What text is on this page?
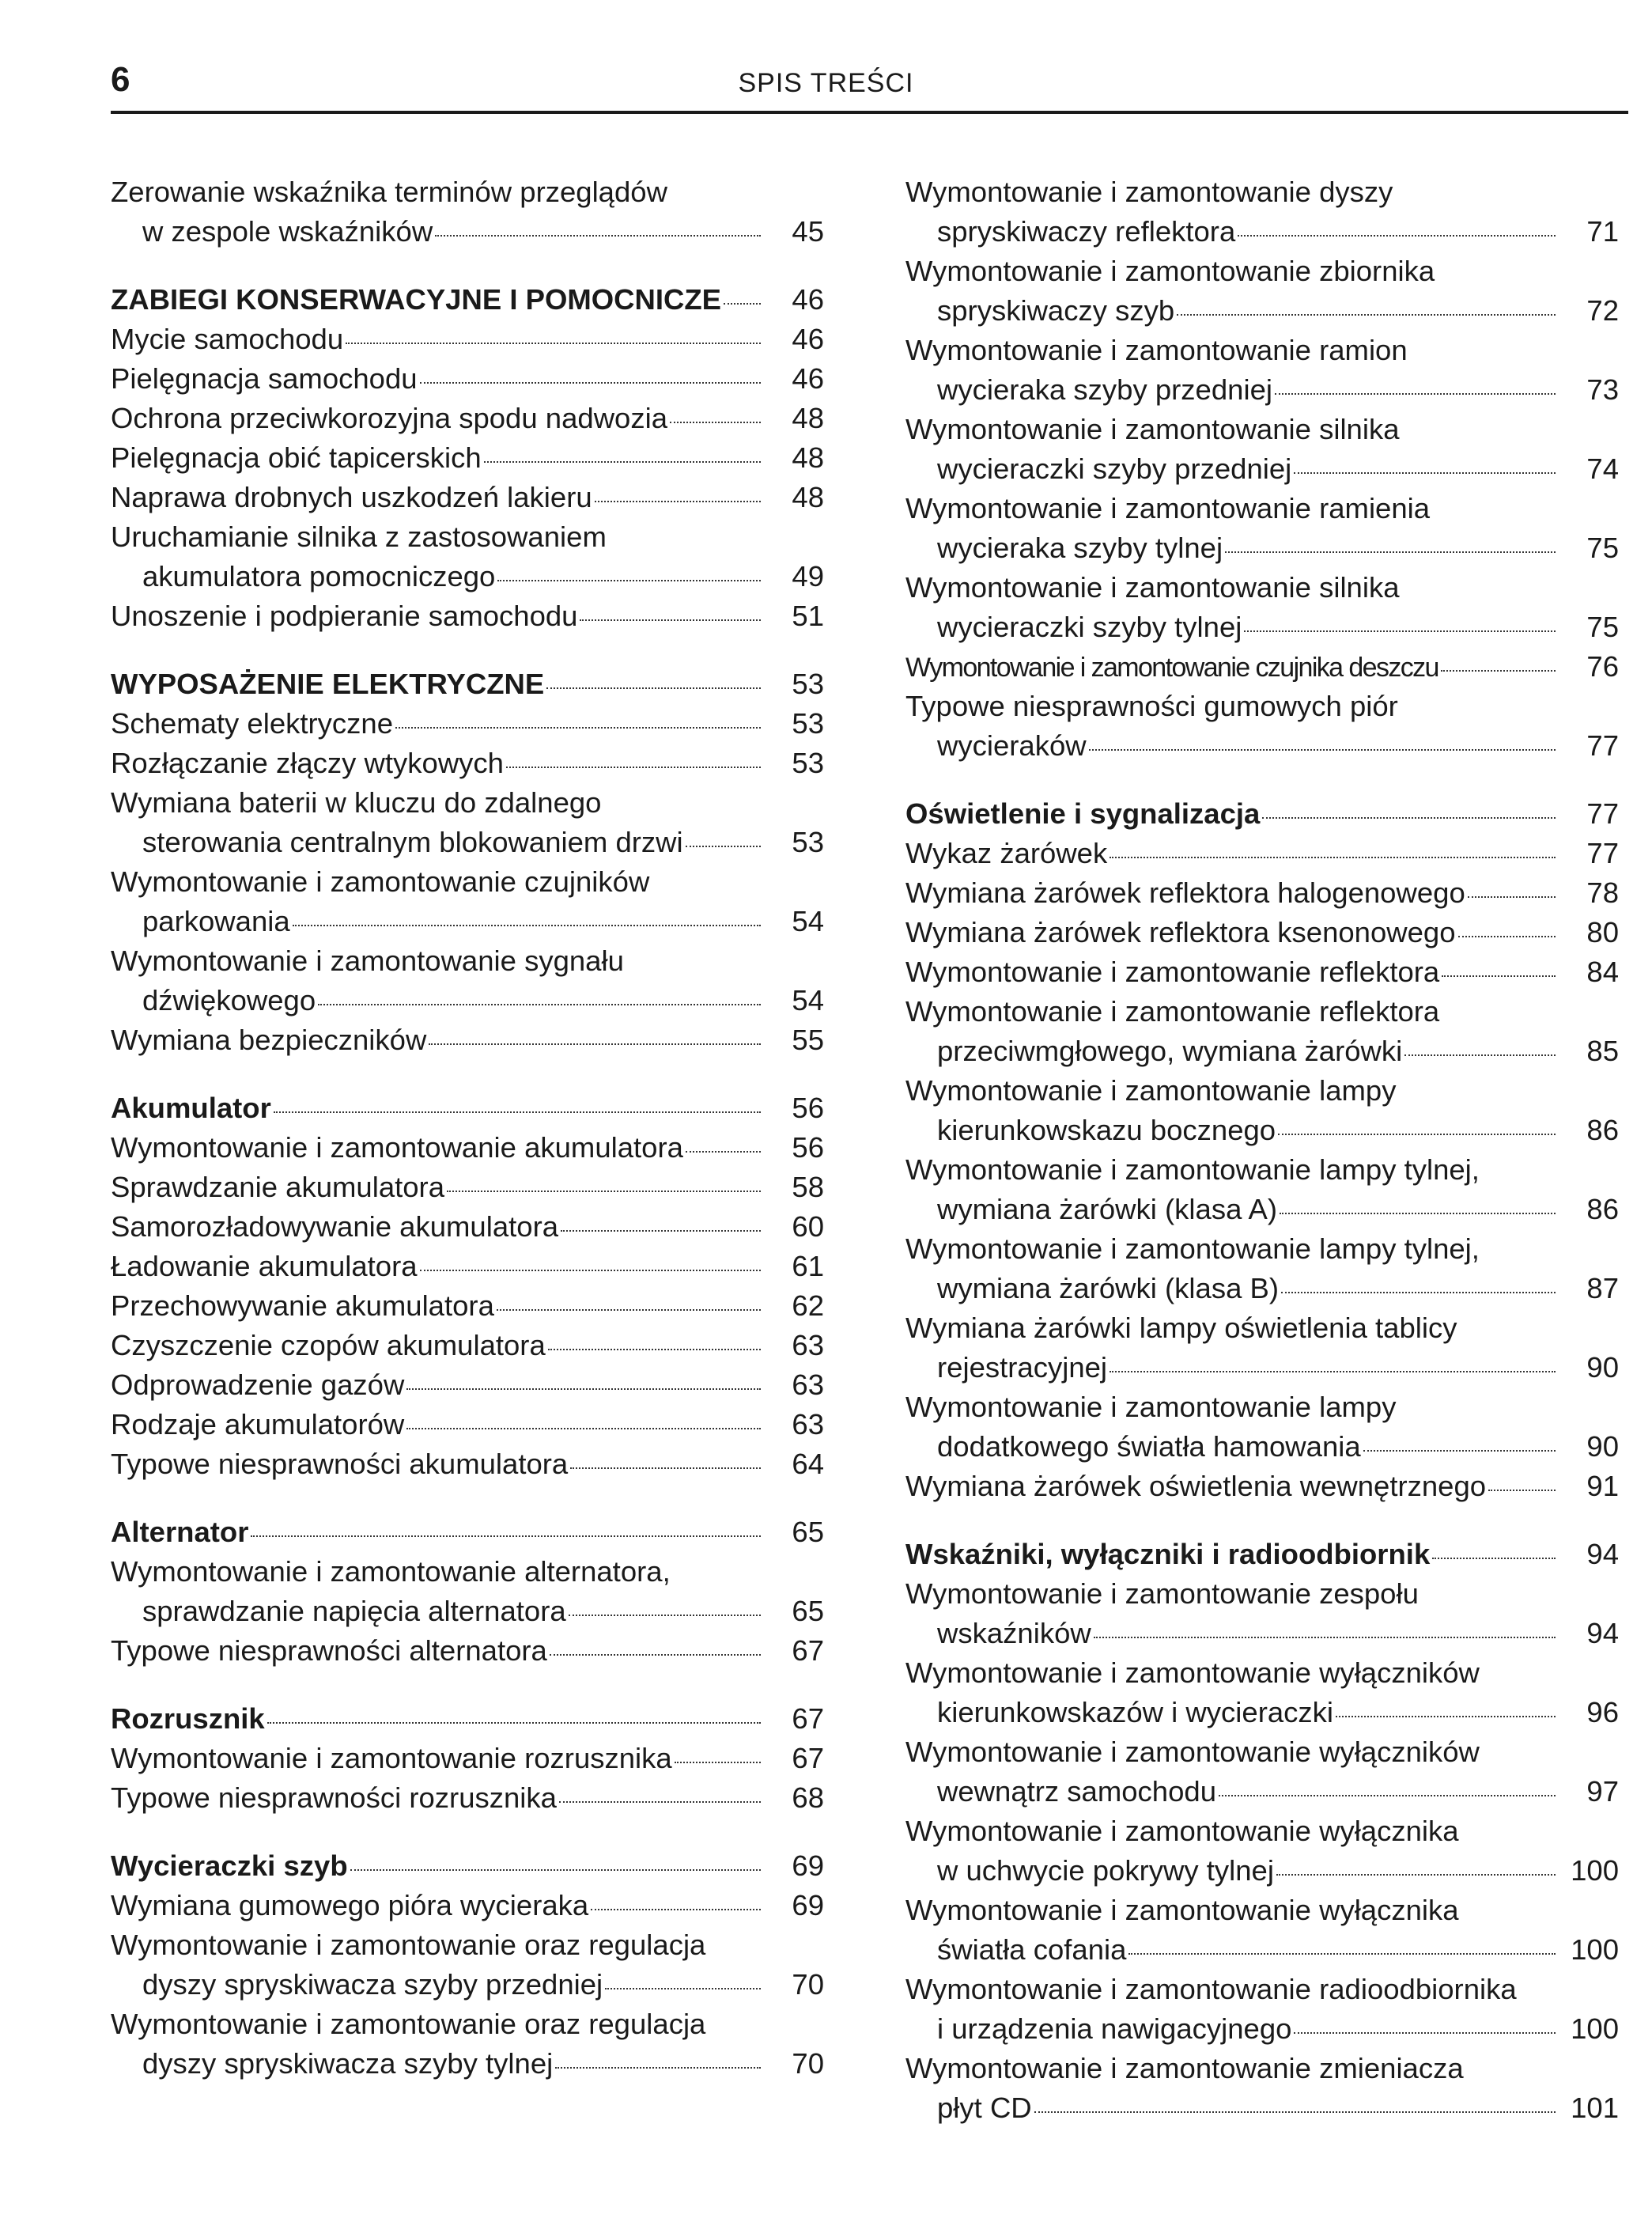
6	SPIS TREŚCI
Zerowanie wskaźnika terminów przeglądów
w zespole wskaźników	45
ZABIEGI KONSERWACYJNE I POMOCNICZE	46
Mycie samochodu	46
Pielęgnacja samochodu	46
Ochrona przeciwkorozyjna spodu nadwozia	48
Pielęgnacja obić tapicerskich	48
Naprawa drobnych uszkodzeń lakieru	48
Uruchamianie silnika z zastosowaniem
akumulatora pomocniczego	49
Unoszenie i podpieranie samochodu	51
WYPOSAŻENIE ELEKTRYCZNE	53
Schematy elektryczne	53
Rozłączanie złączy wtykowych	53
Wymiana baterii w kluczu do zdalnego
sterowania centralnym blokowaniem drzwi	53
Wymontowanie i zamontowanie czujników
parkowania	54
Wymontowanie i zamontowanie sygnału
dźwiękowego	54
Wymiana bezpieczników	55
Akumulator	56
Wymontowanie i zamontowanie akumulatora	56
Sprawdzanie akumulatora	58
Samorozładowywanie akumulatora	60
Ładowanie akumulatora	61
Przechowywanie akumulatora	62
Czyszczenie czopów akumulatora	63
Odprowadzenie gazów	63
Rodzaje akumulatorów	63
Typowe niesprawności akumulatora	64
Alternator	65
Wymontowanie i zamontowanie alternatora,
sprawdzanie napięcia alternatora	65
Typowe niesprawności alternatora	67
Rozrusznik	67
Wymontowanie i zamontowanie rozrusznika	67
Typowe niesprawności rozrusznika	68
Wycieraczki szyb	69
Wymiana gumowego pióra wycieraka	69
Wymontowanie i zamontowanie oraz regulacja
dyszy spryskiwacza szyby przedniej	70
Wymontowanie i zamontowanie oraz regulacja
dyszy spryskiwacza szyby tylnej	70
Wymontowanie i zamontowanie dyszy
spryskiwaczy reflektora	71
Wymontowanie i zamontowanie zbiornika
spryskiwaczy szyb	72
Wymontowanie i zamontowanie ramion
wycieraka szyby przedniej	73
Wymontowanie i zamontowanie silnika
wycieraczki szyby przedniej	74
Wymontowanie i zamontowanie ramienia
wycieraka szyby tylnej	75
Wymontowanie i zamontowanie silnika
wycieraczki szyby tylnej	75
Wymontowanie i zamontowanie czujnika deszczu	76
Typowe niesprawności gumowych piór
wycieraków	77
Oświetlenie i sygnalizacja	77
Wykaz żarówek	77
Wymiana żarówek reflektora halogenowego	78
Wymiana żarówek reflektora ksenonowego	80
Wymontowanie i zamontowanie reflektora	84
Wymontowanie i zamontowanie reflektora
przeciwmgłowego, wymiana żarówki	85
Wymontowanie i zamontowanie lampy
kierunkowskazu bocznego	86
Wymontowanie i zamontowanie lampy tylnej,
wymiana żarówki (klasa A)	86
Wymontowanie i zamontowanie lampy tylnej,
wymiana żarówki (klasa B)	87
Wymiana żarówki lampy oświetlenia tablicy
rejestracyjnej	90
Wymontowanie i zamontowanie lampy
dodatkowego światła hamowania	90
Wymiana żarówek oświetlenia wewnętrznego	91
Wskaźniki, wyłączniki i radioodbiornik	94
Wymontowanie i zamontowanie zespołu
wskaźników	94
Wymontowanie i zamontowanie wyłączników
kierunkowskazów i wycieraczki	96
Wymontowanie i zamontowanie wyłączników
wewnątrz samochodu	97
Wymontowanie i zamontowanie wyłącznika
w uchwycie pokrywy tylnej	100
Wymontowanie i zamontowanie wyłącznika
światła cofania	100
Wymontowanie i zamontowanie radioodbiornika
i urządzenia nawigacyjnego	100
Wymontowanie i zamontowanie zmieniacza
płyt CD	101
